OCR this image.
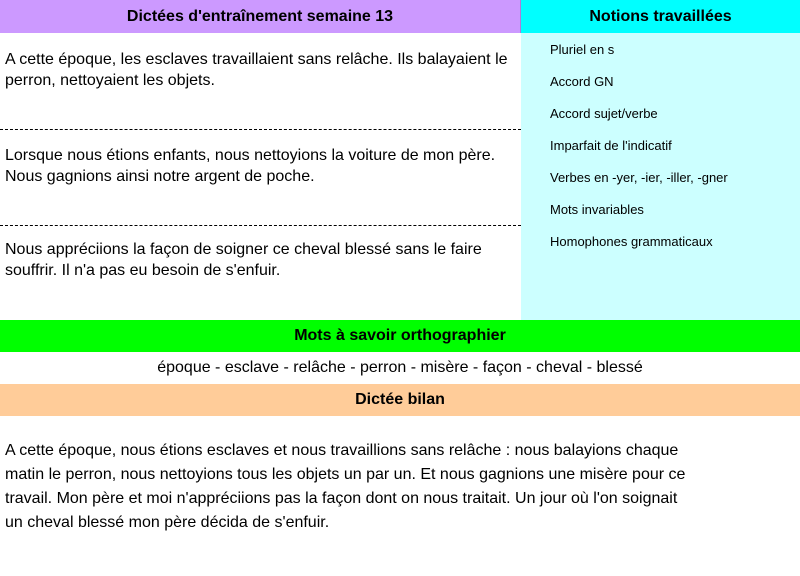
Dictées d'entraînement semaine 13	Notions travaillées
A cette époque, les esclaves travaillaient sans relâche. Ils balayaient le perron, nettoyaient les objets.
Lorsque nous étions enfants, nous nettoyions la voiture de mon père. Nous gagnions ainsi notre argent de poche.
Nous appréciions la façon de soigner ce cheval blessé sans le faire souffrir. Il n'a pas eu besoin de s'enfuir.
Pluriel en s
Accord GN
Accord sujet/verbe
Imparfait de l'indicatif
Verbes en -yer, -ier, -iller, -gner
Mots invariables
Homophones grammaticaux
Mots à savoir orthographier
époque - esclave - relâche - perron - misère - façon - cheval - blessé
Dictée bilan
A cette époque, nous étions esclaves et nous travaillions sans relâche : nous balayions chaque
matin le perron, nous nettoyions tous les objets un par un. Et nous gagnions une misère pour ce
travail. Mon père et moi n'appréciions pas la façon dont on nous traitait. Un jour où l'on soignait
un cheval blessé mon père décida de s'enfuir.
